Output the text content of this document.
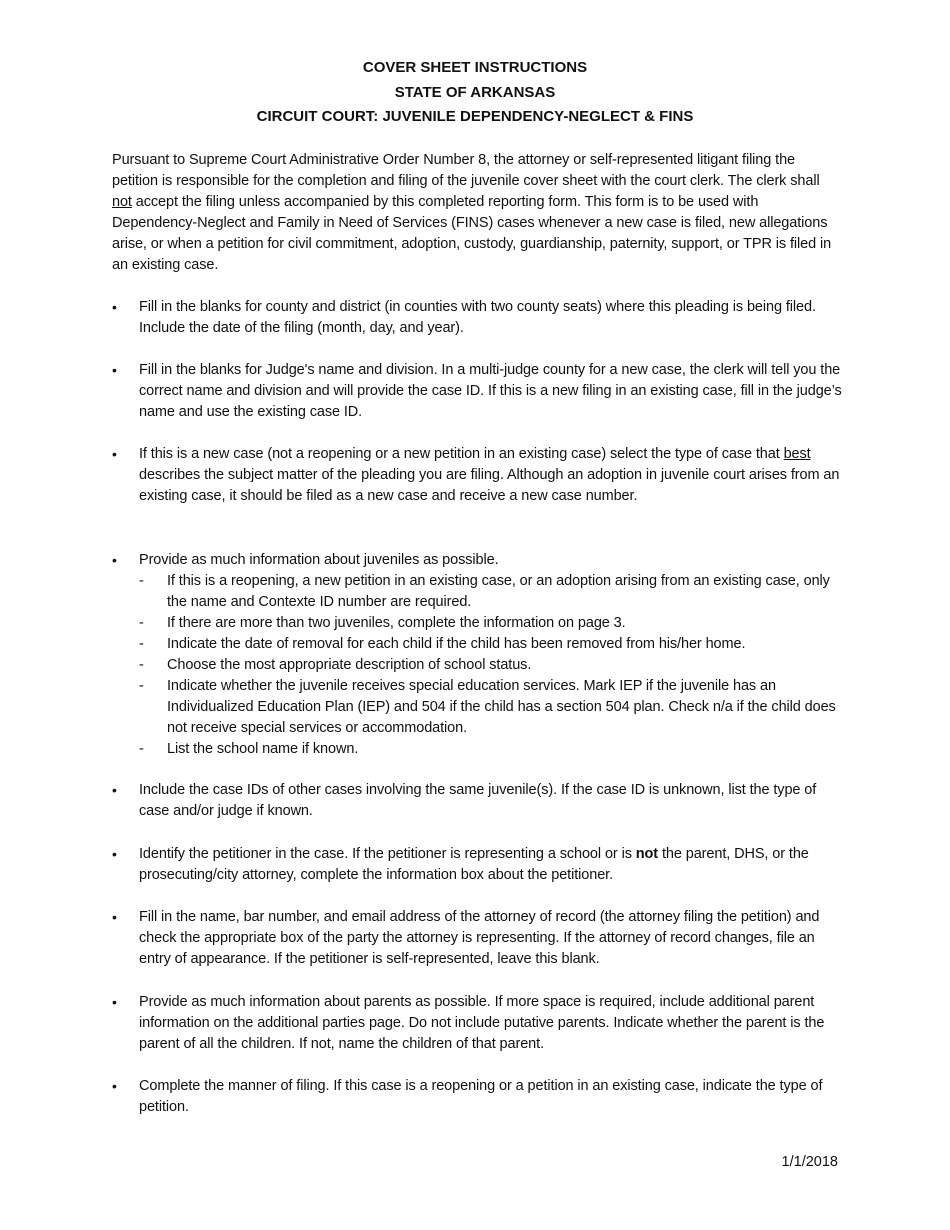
COVER SHEET INSTRUCTIONS
STATE OF ARKANSAS
CIRCUIT COURT: JUVENILE DEPENDENCY-NEGLECT & FINS
Pursuant to Supreme Court Administrative Order Number 8, the attorney or self-represented litigant filing the petition is responsible for the completion and filing of the juvenile cover sheet with the court clerk. The clerk shall not accept the filing unless accompanied by this completed reporting form. This form is to be used with Dependency-Neglect and Family in Need of Services (FINS) cases whenever a new case is filed, new allegations arise, or when a petition for civil commitment, adoption, custody, guardianship, paternity, support, or TPR is filed in an existing case.
•	Fill in the blanks for county and district (in counties with two county seats) where this pleading is being filed. Include the date of the filing (month, day, and year).
•	Fill in the blanks for Judge's name and division. In a multi-judge county for a new case, the clerk will tell you the correct name and division and will provide the case ID. If this is a new filing in an existing case, fill in the judge’s name and use the existing case ID.
•	If this is a new case (not a reopening or a new petition in an existing case) select the type of case that best describes the subject matter of the pleading you are filing. Although an adoption in juvenile court arises from an existing case, it should be filed as a new case and receive a new case number.
•	Provide as much information about juveniles as possible.
- If this is a reopening, a new petition in an existing case, or an adoption arising from an existing case, only the name and Contexte ID number are required.
- If there are more than two juveniles, complete the information on page 3.
- Indicate the date of removal for each child if the child has been removed from his/her home.
- Choose the most appropriate description of school status.
- Indicate whether the juvenile receives special education services. Mark IEP if the juvenile has an Individualized Education Plan (IEP) and 504 if the child has a section 504 plan. Check n/a if the child does not receive special services or accommodation.
- List the school name if known.
•	Include the case IDs of other cases involving the same juvenile(s). If the case ID is unknown, list the type of case and/or judge if known.
•	Identify the petitioner in the case. If the petitioner is representing a school or is not the parent, DHS, or the prosecuting/city attorney, complete the information box about the petitioner.
•	Fill in the name, bar number, and email address of the attorney of record (the attorney filing the petition) and check the appropriate box of the party the attorney is representing. If the attorney of record changes, file an entry of appearance. If the petitioner is self-represented, leave this blank.
•	Provide as much information about parents as possible. If more space is required, include additional parent information on the additional parties page. Do not include putative parents. Indicate whether the parent is the parent of all the children. If not, name the children of that parent.
•	Complete the manner of filing. If this case is a reopening or a petition in an existing case, indicate the type of petition.
1/1/2018
